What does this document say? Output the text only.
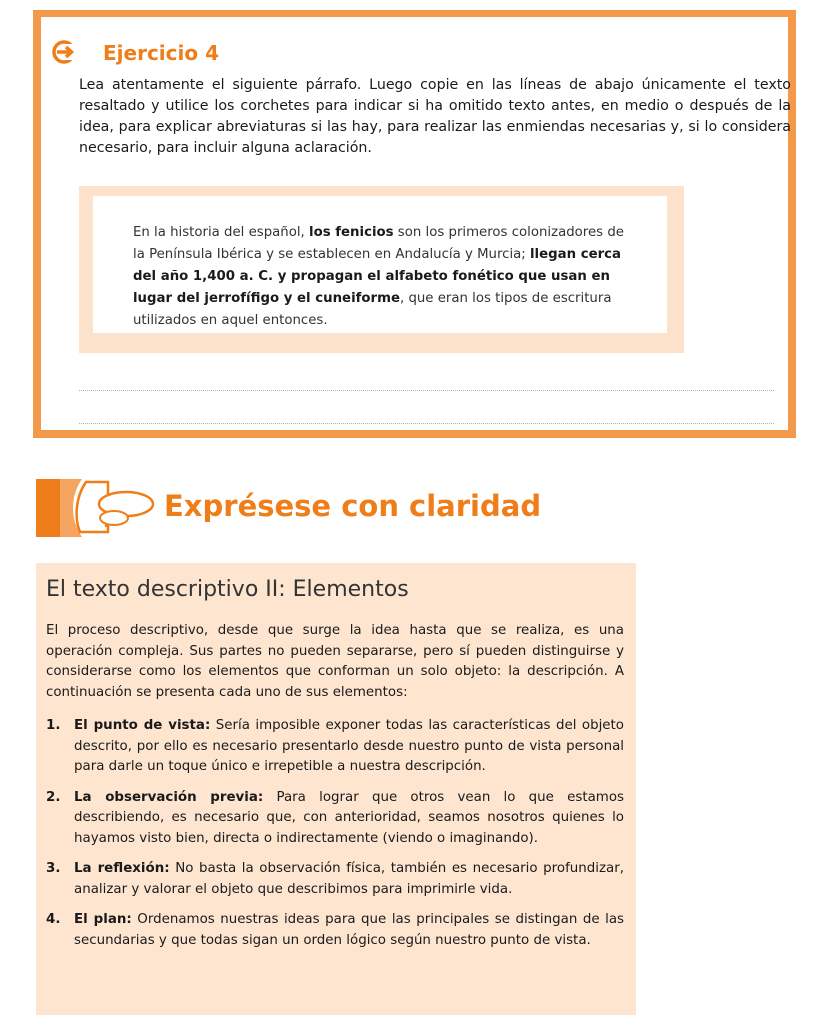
Ejercicio 4
Lea atentamente el siguiente párrafo. Luego copie en las líneas de abajo únicamente el texto resaltado y utilice los corchetes para indicar si ha omitido texto antes, en medio o después de la idea, para explicar abreviaturas si las hay, para realizar las enmiendas necesarias y, si lo considera necesario, para incluir alguna aclaración.
En la historia del español, los fenicios son los primeros colonizadores de la Península Ibérica y se establecen en Andalucía y Murcia; llegan cerca del año 1,400 a. C. y propagan el alfabeto fonético que usan en lugar del jerrofífigo y el cuneiforme, que eran los tipos de escritura utilizados en aquel entonces.
Exprésese con claridad
El texto descriptivo II: Elementos
El proceso descriptivo, desde que surge la idea hasta que se realiza, es una operación compleja. Sus partes no pueden separarse, pero sí pueden distinguirse y considerarse como los elementos que conforman un solo objeto: la descripción. A continuación se presenta cada uno de sus elementos:
1. El punto de vista: Sería imposible exponer todas las características del objeto descrito, por ello es necesario presentarlo desde nuestro punto de vista personal para darle un toque único e irrepetible a nuestra descripción.
2. La observación previa: Para lograr que otros vean lo que estamos describiendo, es necesario que, con anterioridad, seamos nosotros quienes lo hayamos visto bien, directa o indirectamente (viendo o imaginando).
3. La reflexión: No basta la observación física, también es necesario profundizar, analizar y valorar el objeto que describimos para imprimirle vida.
4. El plan: Ordenamos nuestras ideas para que las principales se distingan de las secundarias y que todas sigan un orden lógico según nuestro punto de vista.
